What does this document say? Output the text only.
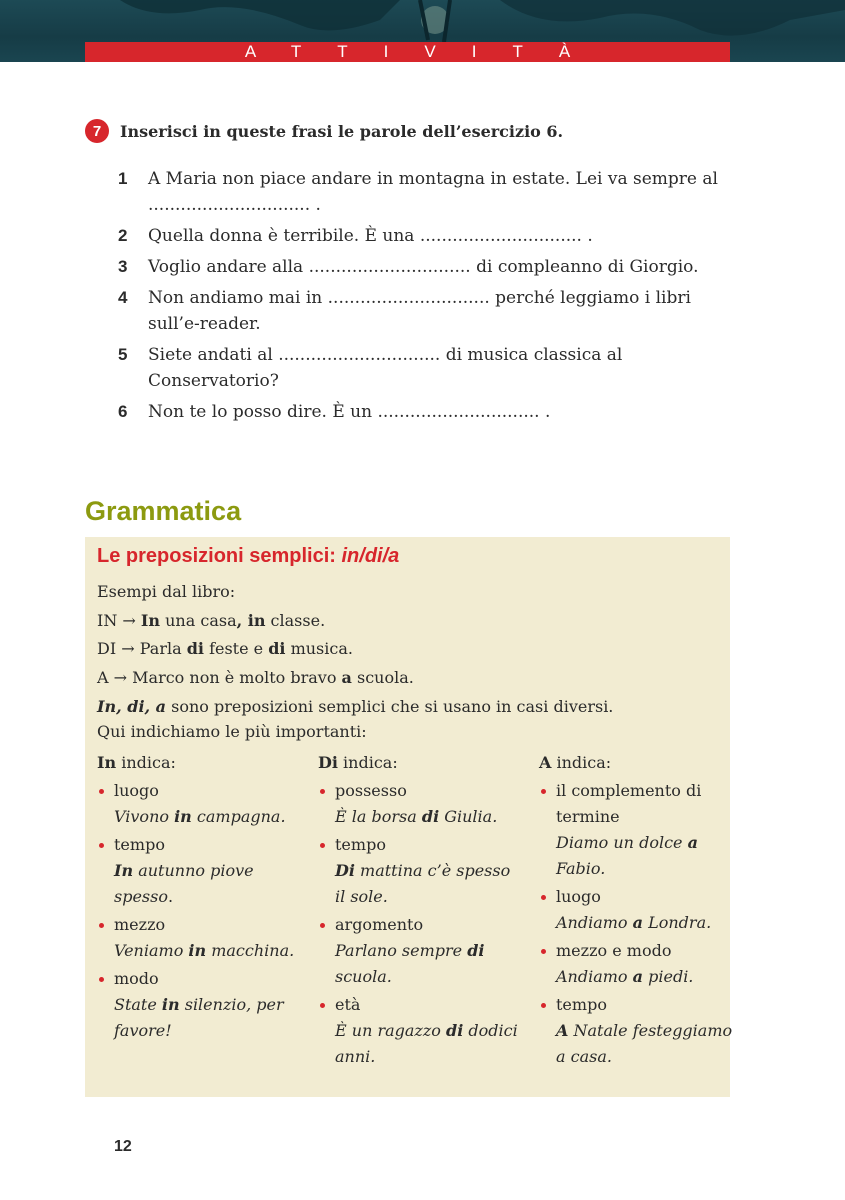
ATTIVITÀ
7	Inserisci in queste frasi le parole dell’esercizio 6.
1	A Maria non piace andare in montagna in estate. Lei va sempre al .............................. .
2	Quella donna è terribile. È una .............................. .
3	Voglio andare alla .............................. di compleanno di Giorgio.
4	Non andiamo mai in .............................. perché leggiamo i libri sull’e-reader.
5	Siete andati al .............................. di musica classica al Conservatorio?
6	Non te lo posso dire. È un .............................. .
Grammatica
Le preposizioni semplici: in/di/a
Esempi dal libro:
IN → In una casa, in classe.
DI → Parla di feste e di musica.
A → Marco non è molto bravo a scuola.
In, di, a sono preposizioni semplici che si usano in casi diversi.
Qui indichiamo le più importanti:
In indica:
luogo
Vivono in campagna.
tempo
In autunno piove spesso.
mezzo
Veniamo in macchina.
modo
State in silenzio, per favore!
Di indica:
possesso
È la borsa di Giulia.
tempo
Di mattina c’è spesso il sole.
argomento
Parlano sempre di scuola.
età
È un ragazzo di dodici anni.
A indica:
il complemento di termine
Diamo un dolce a Fabio.
luogo
Andiamo a Londra.
mezzo e modo
Andiamo a piedi.
tempo
A Natale festeggiamo a casa.
12
